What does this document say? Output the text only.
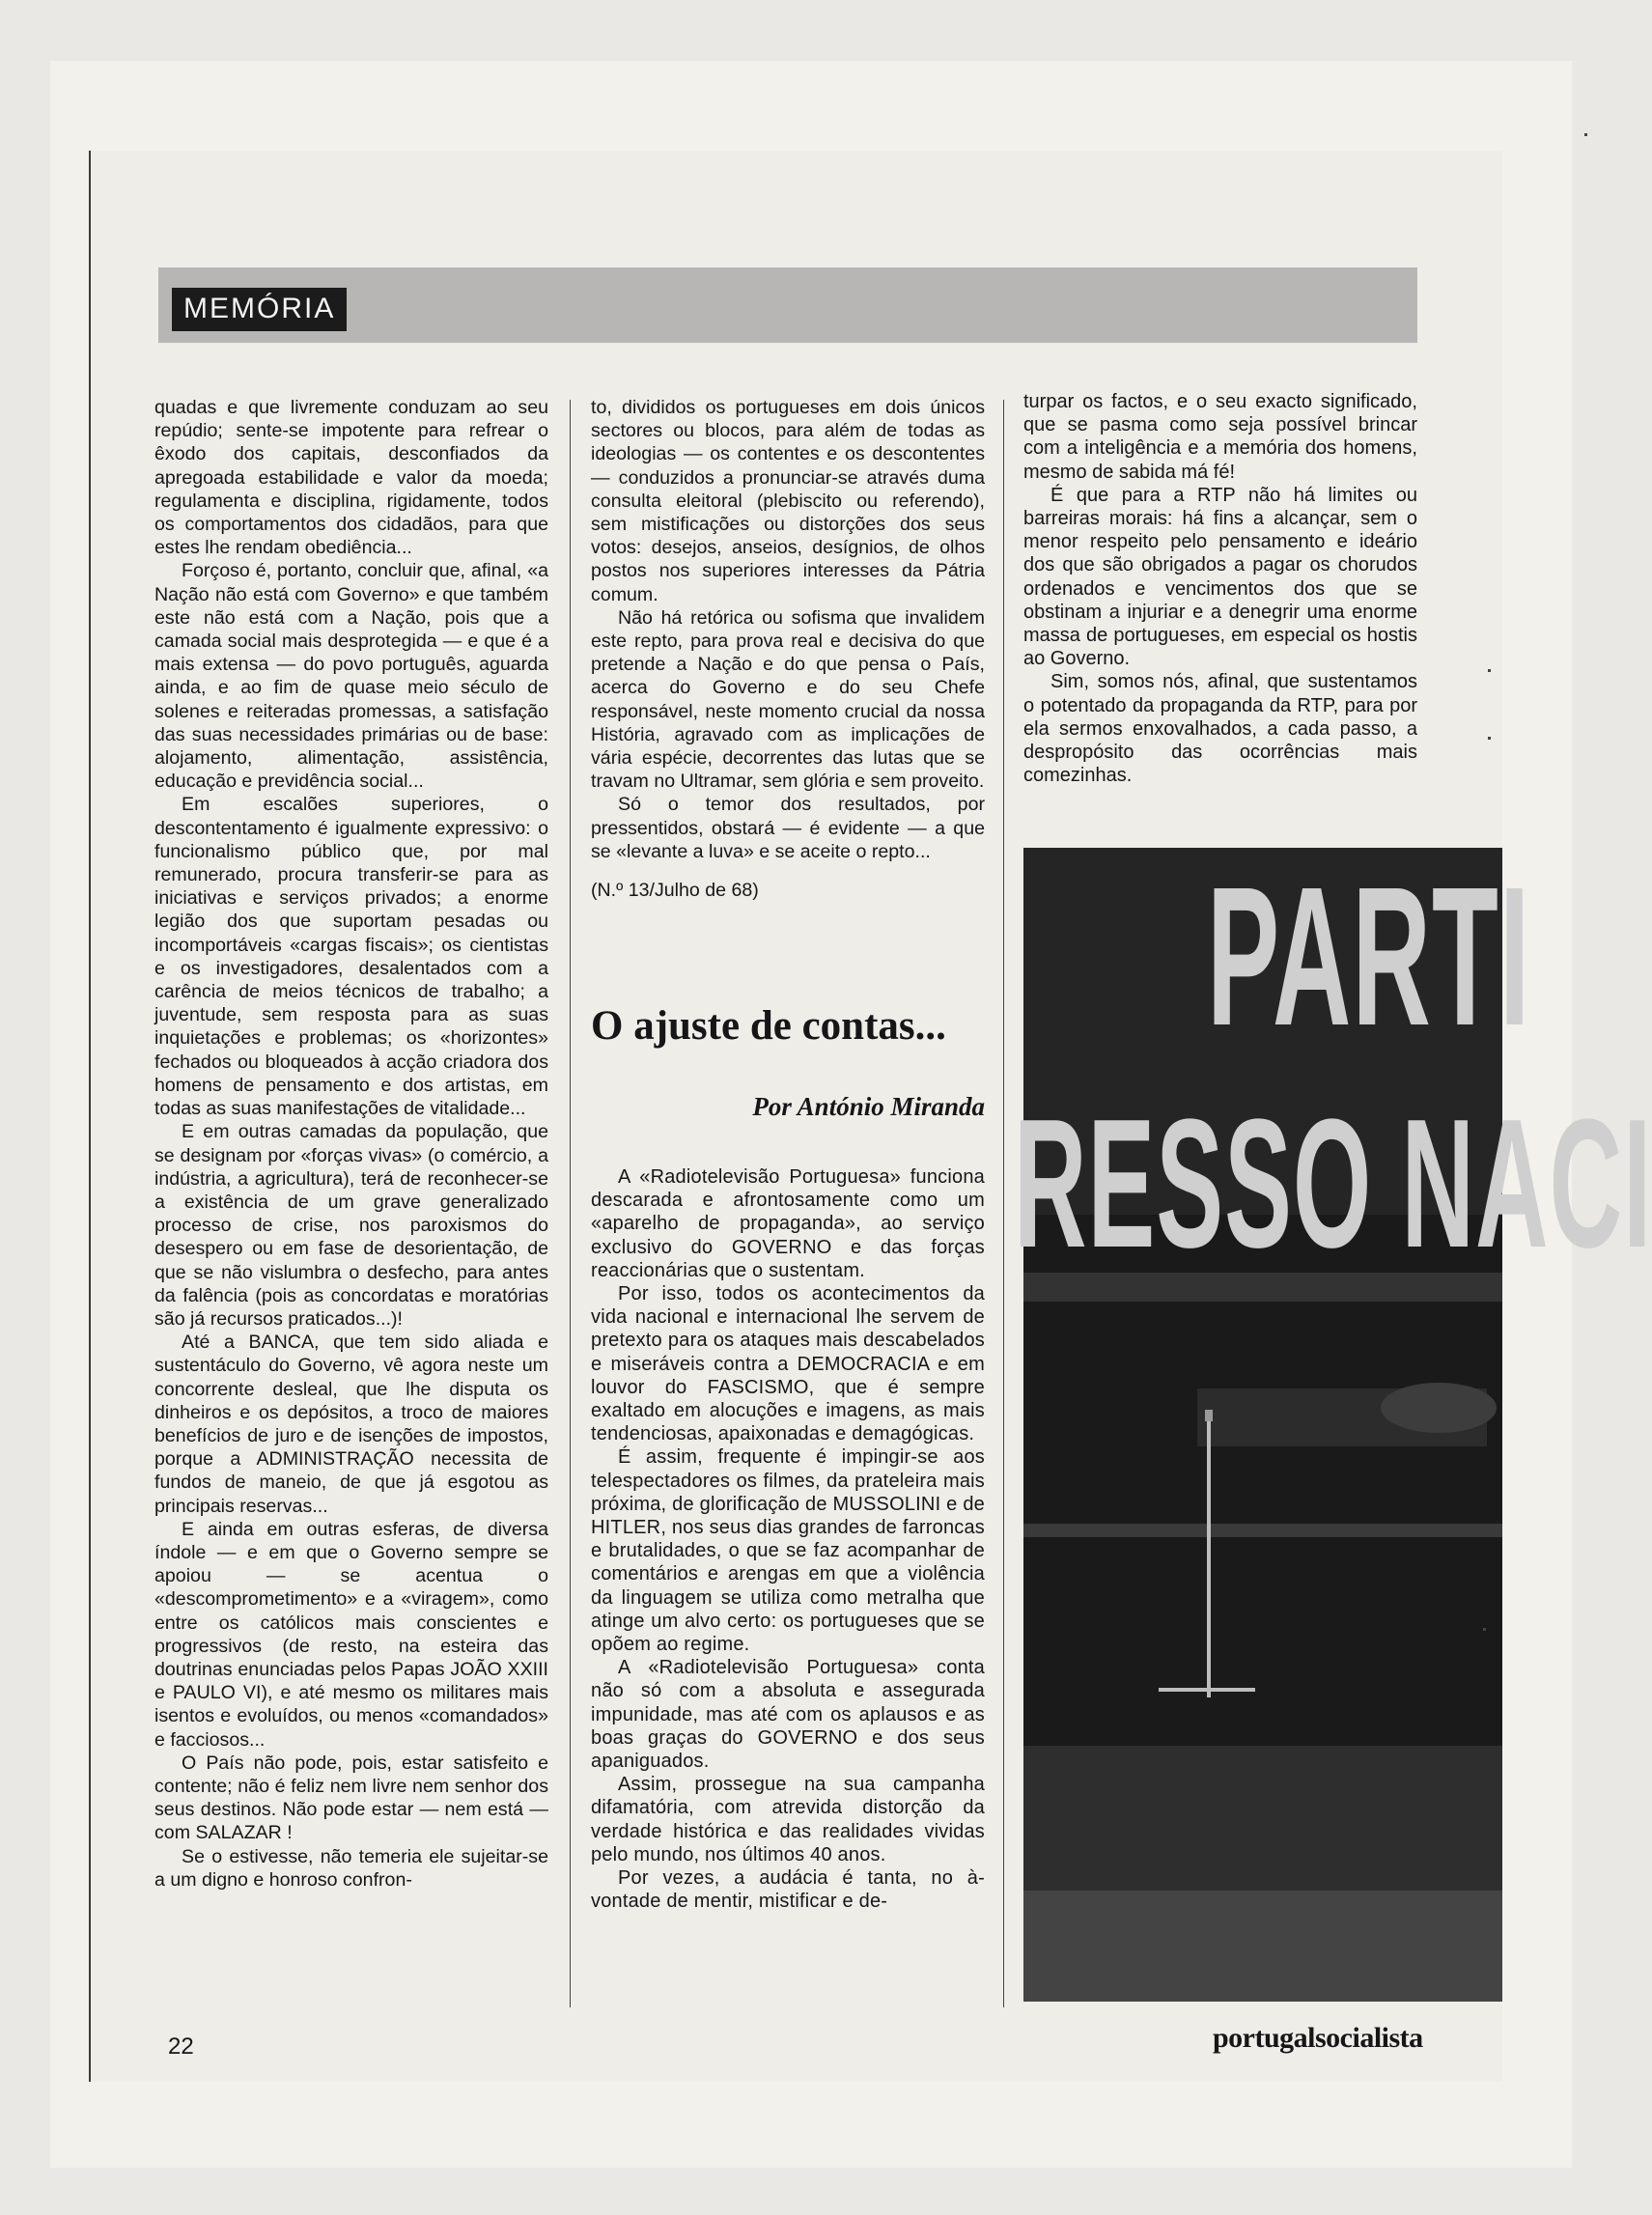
MEMÓRIA

quadas e que livremente conduzam ao seu repúdio; sente-se impotente para refrear o êxodo dos capitais, desconfiados da apregoada estabilidade e valor da moeda; regulamenta e disciplina, rigidamente, todos os comportamentos dos cidadãos, para que estes lhe rendam obediência...

Forçoso é, portanto, concluir que, afinal, «a Nação não está com Governo» e que também este não está com a Nação, pois que a camada social mais desprotegida — e que é a mais extensa — do povo português, aguarda ainda, e ao fim de quase meio século de solenes e reiteradas promessas, a satisfação das suas necessidades primárias ou de base: alojamento, alimentação, assistência, educação e previdência social...

Em escalões superiores, o descontentamento é igualmente expressivo: o funcionalismo público que, por mal remunerado, procura transferir-se para as iniciativas e serviços privados; a enorme legião dos que suportam pesadas ou incomportáveis «cargas fiscais»; os cientistas e os investigadores, desalentados com a carência de meios técnicos de trabalho; a juventude, sem resposta para as suas inquietações e problemas; os «horizontes» fechados ou bloqueados à acção criadora dos homens de pensamento e dos artistas, em todas as suas manifestações de vitalidade...

E em outras camadas da população, que se designam por «forças vivas» (o comércio, a indústria, a agricultura), terá de reconhecer-se a existência de um grave generalizado processo de crise, nos paroxismos do desespero ou em fase de desorientação, de que se não vislumbra o desfecho, para antes da falência (pois as concordatas e moratórias são já recursos praticados...)!

Até a BANCA, que tem sido aliada e sustentáculo do Governo, vê agora neste um concorrente desleal, que lhe disputa os dinheiros e os depósitos, a troco de maiores benefícios de juro e de isenções de impostos, porque a ADMINISTRAÇÃO necessita de fundos de maneio, de que já esgotou as principais reservas...

E ainda em outras esferas, de diversa índole — e em que o Governo sempre se apoiou — se acentua o «descomprometimento» e a «viragem», como entre os católicos mais conscientes e progressivos (de resto, na esteira das doutrinas enunciadas pelos Papas JOÃO XXIII e PAULO VI), e até mesmo os militares mais isentos e evoluídos, ou menos «comandados» e facciosos...

O País não pode, pois, estar satisfeito e contente; não é feliz nem livre nem senhor dos seus destinos. Não pode estar — nem está — com SALAZAR !

Se o estivesse, não temeria ele sujeitar-se a um digno e honroso confron-

to, divididos os portugueses em dois únicos sectores ou blocos, para além de todas as ideologias — os contentes e os descontentes — conduzidos a pronunciar-se através duma consulta eleitoral (plebiscito ou referendo), sem mistificações ou distorções dos seus votos: desejos, anseios, desígnios, de olhos postos nos superiores interesses da Pátria comum.

Não há retórica ou sofisma que invalidem este repto, para prova real e decisiva do que pretende a Nação e do que pensa o País, acerca do Governo e do seu Chefe responsável, neste momento crucial da nossa História, agravado com as implicações de vária espécie, decorrentes das lutas que se travam no Ultramar, sem glória e sem proveito.

Só o temor dos resultados, por pressentidos, obstará — é evidente — a que se «levante a luva» e se aceite o repto...

(N.º 13/Julho de 68)

O ajuste de contas...
Por António Miranda

A «Radiotelevisão Portuguesa» funciona descarada e afrontosamente como um «aparelho de propaganda», ao serviço exclusivo do GOVERNO e das forças reaccionárias que o sustentam.

Por isso, todos os acontecimentos da vida nacional e internacional lhe servem de pretexto para os ataques mais descabelados e miseráveis contra a DEMOCRACIA e em louvor do FASCISMO, que é sempre exaltado em alocuções e imagens, as mais tendenciosas, apaixonadas e demagógicas.

É assim, frequente é impingir-se aos telespectadores os filmes, da prateleira mais próxima, de glorificação de MUSSOLINI e de HITLER, nos seus dias grandes de farroncas e brutalidades, o que se faz acompanhar de comentários e arengas em que a violência da linguagem se utiliza como metralha que atinge um alvo certo: os portugueses que se opõem ao regime.

A «Radiotelevisão Portuguesa» conta não só com a absoluta e assegurada impunidade, mas até com os aplausos e as boas graças do GOVERNO e dos seus apaniguados.

Assim, prossegue na sua campanha difamatória, com atrevida distorção da verdade histórica e das realidades vividas pelo mundo, nos últimos 40 anos.

Por vezes, a audácia é tanta, no à-vontade de mentir, mistificar e de-

turpar os factos, e o seu exacto significado, que se pasma como seja possível brincar com a inteligência e a memória dos homens, mesmo de sabida má fé!

É que para a RTP não há limites ou barreiras morais: há fins a alcançar, sem o menor respeito pelo pensamento e ideário dos que são obrigados a pagar os chorudos ordenados e vencimentos dos que se obstinam a injuriar e a denegrir uma enorme massa de portugueses, em especial os hostis ao Governo.

Sim, somos nós, afinal, que sustentamos o potentado da propaganda da RTP, para por ela sermos enxovalhados, a cada passo, a despropósito das ocorrências mais comezinhas.

PARTI
RESSO NACI
22	portugalsocialista
